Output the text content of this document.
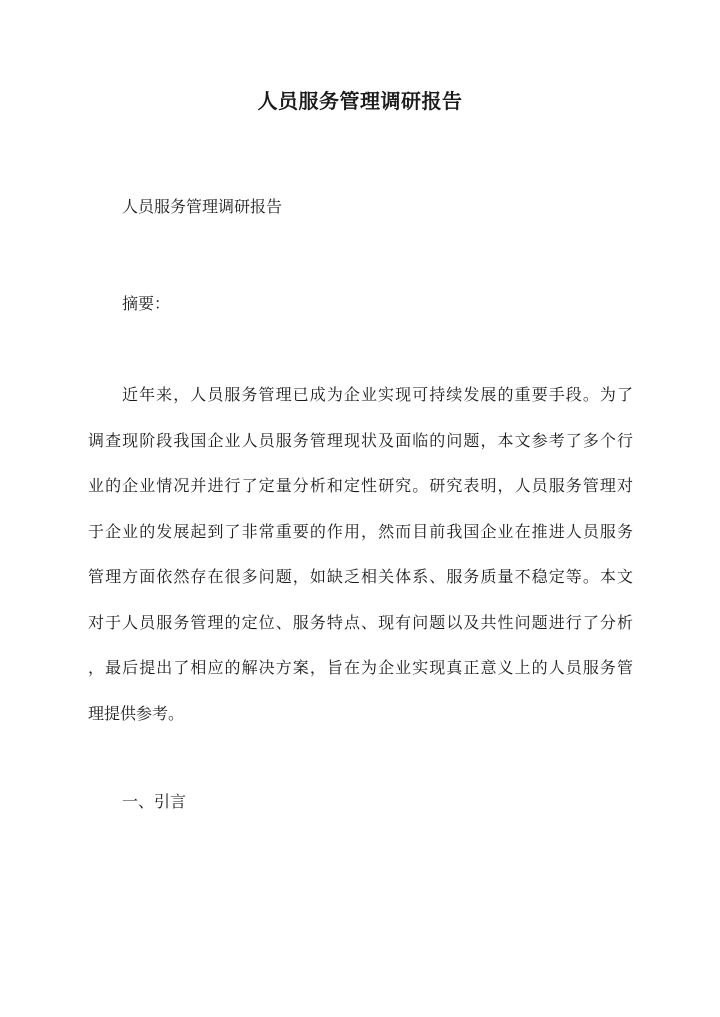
人员服务管理调研报告
人员服务管理调研报告
摘要：
近年来，人员服务管理已成为企业实现可持续发展的重要手段。为了
调查现阶段我国企业人员服务管理现状及面临的问题，本文参考了多个行
业的企业情况并进行了定量分析和定性研究。研究表明，人员服务管理对
于企业的发展起到了非常重要的作用，然而目前我国企业在推进人员服务
管理方面依然存在很多问题，如缺乏相关体系、服务质量不稳定等。本文
对于人员服务管理的定位、服务特点、现有问题以及共性问题进行了分析
，最后提出了相应的解决方案，旨在为企业实现真正意义上的人员服务管
理提供参考。
一、引言
